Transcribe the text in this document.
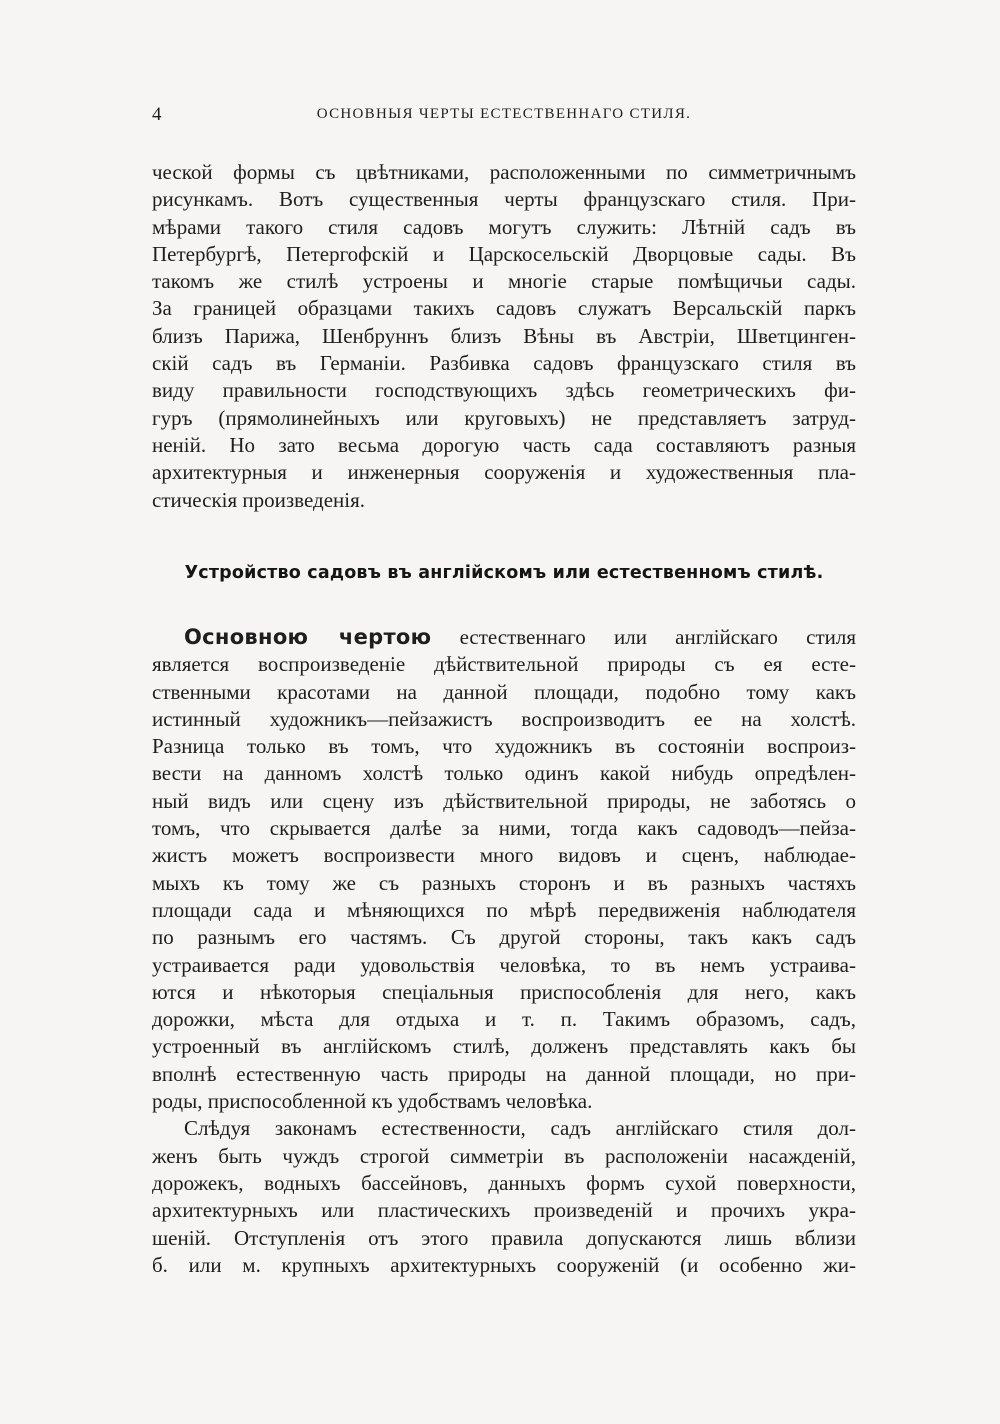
4	ОСНОВНЫЯ ЧЕРТЫ ЕСТЕСТВЕННАГО СТИЛЯ.
ческой формы съ цвѣтниками, расположенными по симметричнымъ
рисункамъ. Вотъ существенныя черты французскаго стиля. При-
мѣрами такого стиля садовъ могутъ служить: Лѣтній садъ въ
Петербургѣ, Петергофскій и Царскосельскій Дворцовые сады. Въ
такомъ же стилѣ устроены и многіе старые помѣщичьи сады.
За границей образцами такихъ садовъ служатъ Версальскій паркъ
близъ Парижа, Шенбруннъ близъ Вѣны въ Австріи, Шветцинген-
скій садъ въ Германіи. Разбивка садовъ французскаго стиля въ
виду правильности господствующихъ здѣсь геометрическихъ фи-
гуръ (прямолинейныхъ или круговыхъ) не представляетъ затруд-
неній. Но зато весьма дорогую часть сада составляютъ разныя
архитектурныя и инженерныя сооруженія и художественныя пла-
стическія произведенія.
Устройство садовъ въ англійскомъ или естественномъ стилѣ.
Основною чертою естественнаго или англійскаго стиля
является воспроизведеніе дѣйствительной природы съ ея есте-
ственными красотами на данной площади, подобно тому какъ
истинный художникъ—пейзажистъ воспроизводитъ ее на холстѣ.
Разница только въ томъ, что художникъ въ состояніи воспроиз-
вести на данномъ холстѣ только одинъ какой нибудь опредѣлен-
ный видъ или сцену изъ дѣйствительной природы, не заботясь о
томъ, что скрывается далѣе за ними, тогда какъ садоводъ—пейза-
жистъ можетъ воспроизвести много видовъ и сценъ, наблюдае-
мыхъ къ тому же съ разныхъ сторонъ и въ разныхъ частяхъ
площади сада и мѣняющихся по мѣрѣ передвиженія наблюдателя
по разнымъ его частямъ. Съ другой стороны, такъ какъ садъ
устраивается ради удовольствія человѣка, то въ немъ устраива-
ются и нѣкоторыя спеціальныя приспособленія для него, какъ
дорожки, мѣста для отдыха и т. п. Такимъ образомъ, садъ,
устроенный въ англійскомъ стилѣ, долженъ представлять какъ бы
вполнѣ естественную часть природы на данной площади, но при-
роды, приспособленной къ удобствамъ человѣка.
Слѣдуя законамъ естественности, садъ англійскаго стиля дол-
женъ быть чуждъ строгой симметріи въ расположеніи насажденій,
дорожекъ, водныхъ бассейновъ, данныхъ формъ сухой поверхности,
архитектурныхъ или пластическихъ произведеній и прочихъ укра-
шеній. Отступленія отъ этого правила допускаются лишь вблизи
б. или м. крупныхъ архитектурныхъ сооруженій (и особенно жи-
